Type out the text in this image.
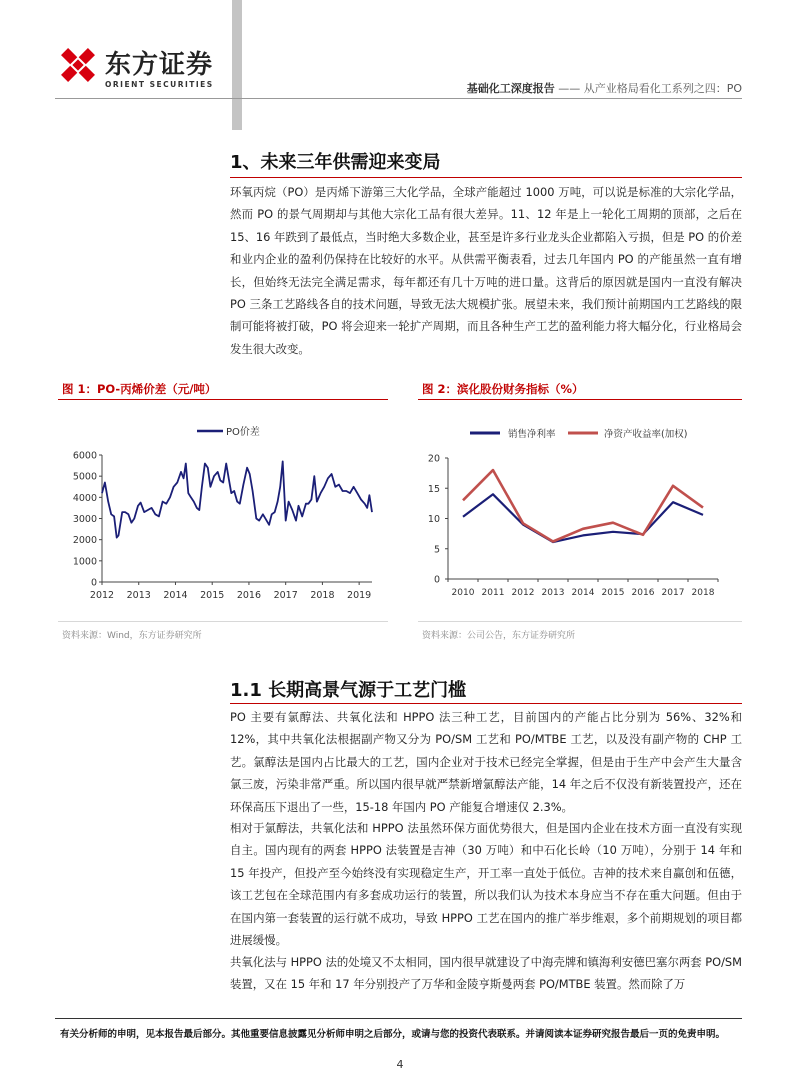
东方证券
ORIENT SECURITIES	基础化工深度报告 —— 从产业格局看化工系列之四：PO
1、未来三年供需迎来变局
环氧丙烷（PO）是丙烯下游第三大化学品，全球产能超过 1000 万吨，可以说是标准的大宗化学品，然而 PO 的景气周期却与其他大宗化工品有很大差异。11、12 年是上一轮化工周期的顶部，之后在 15、16 年跌到了最低点，当时绝大多数企业，甚至是许多行业龙头企业都陷入亏损，但是 PO 的价差和业内企业的盈利仍保持在比较好的水平。从供需平衡表看，过去几年国内 PO 的产能虽然一直有增长，但始终无法完全满足需求，每年都还有几十万吨的进口量。这背后的原因就是国内一直没有解决 PO 三条工艺路线各自的技术问题，导致无法大规模扩张。展望未来，我们预计前期国内工艺路线的限制可能将被打破，PO 将会迎来一轮扩产周期，而且各种生产工艺的盈利能力将大幅分化，行业格局会发生很大改变。
图 1：PO-丙烯价差（元/吨）
PO价差
0
1000
2000
3000
4000
5000
6000
2012 2013 2014 2015 2016 2017 2018 2019
资料来源：Wind，东方证券研究所
图 2：滨化股份财务指标（%）
销售净利率	净资产收益率(加权)
0
5
10
15
20
2010 2011 2012 2013 2014 2015 2016 2017 2018
资料来源：公司公告，东方证券研究所
1.1 长期高景气源于工艺门槛
PO 主要有氯醇法、共氧化法和 HPPO 法三种工艺，目前国内的产能占比分别为 56%、32%和 12%，其中共氧化法根据副产物又分为 PO/SM 工艺和 PO/MTBE 工艺，以及没有副产物的 CHP 工艺。氯醇法是国内占比最大的工艺，国内企业对于技术已经完全掌握，但是由于生产中会产生大量含氯三废，污染非常严重。所以国内很早就严禁新增氯醇法产能，14 年之后不仅没有新装置投产，还在环保高压下退出了一些，15-18 年国内 PO 产能复合增速仅 2.3%。
相对于氯醇法，共氧化法和 HPPO 法虽然环保方面优势很大，但是国内企业在技术方面一直没有实现自主。国内现有的两套 HPPO 法装置是吉神（30 万吨）和中石化长岭（10 万吨），分别于 14 年和 15 年投产，但投产至今始终没有实现稳定生产，开工率一直处于低位。吉神的技术来自赢创和伍德，该工艺包在全球范围内有多套成功运行的装置，所以我们认为技术本身应当不存在重大问题。但由于在国内第一套装置的运行就不成功，导致 HPPO 工艺在国内的推广举步维艰，多个前期规划的项目都进展缓慢。
共氧化法与 HPPO 法的处境又不太相同，国内很早就建设了中海壳牌和镇海利安德巴塞尔两套 PO/SM 装置，又在 15 年和 17 年分别投产了万华和金陵亨斯曼两套 PO/MTBE 装置。然而除了万
有关分析师的申明，见本报告最后部分。其他重要信息披露见分析师申明之后部分，或请与您的投资代表联系。并请阅读本证券研究报告最后一页的免责申明。
4
